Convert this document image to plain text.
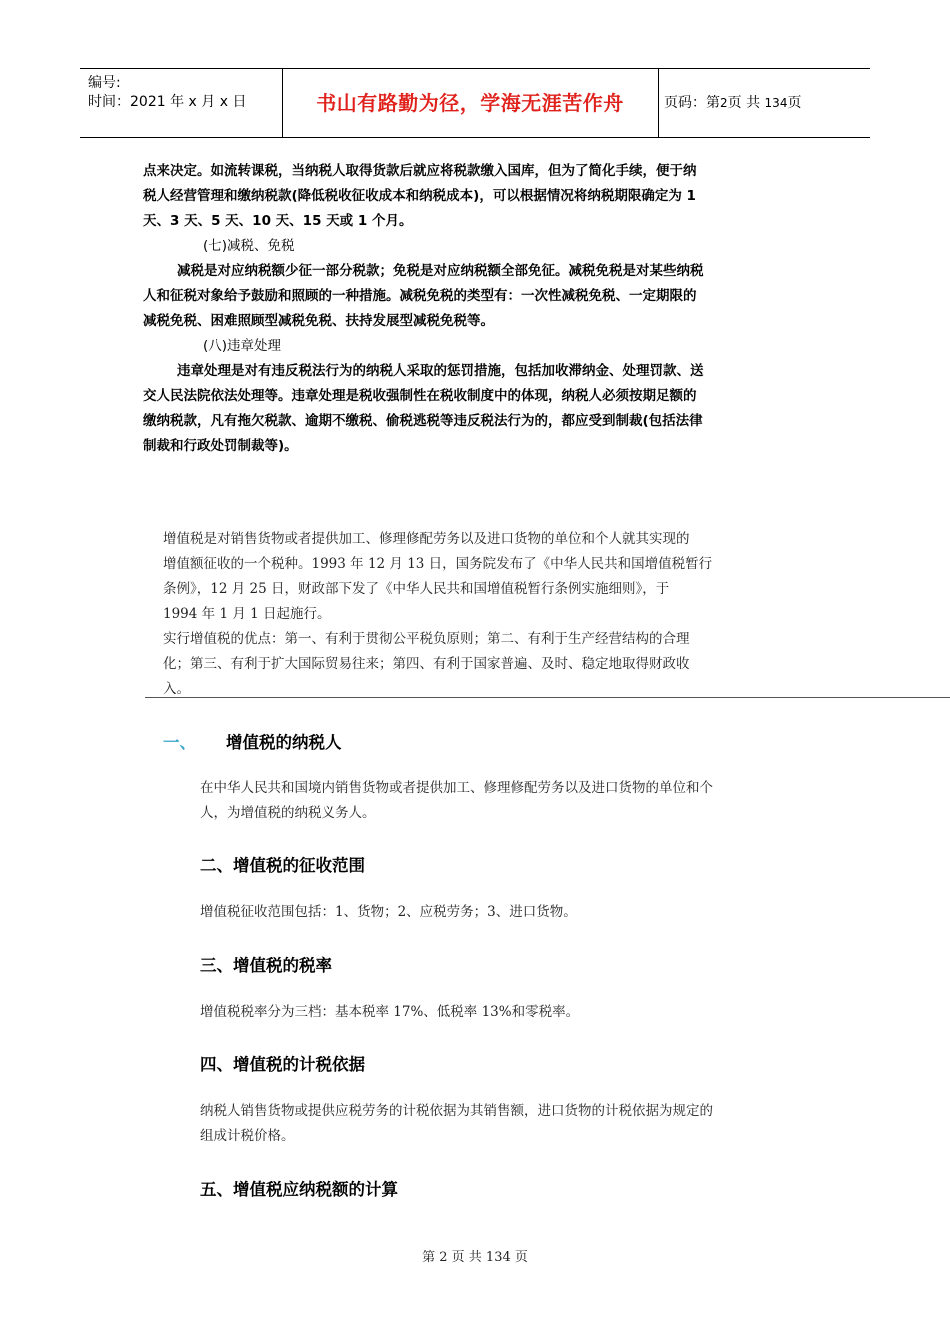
编号:
时间：2021 年 x 月 x 日	书山有路勤为径，学海无涯苦作舟	页码：第2页 共 134页
点来决定。如流转课税，当纳税人取得货款后就应将税款缴入国库，但为了简化手续，便于纳
税人经营管理和缴纳税款(降低税收征收成本和纳税成本)，可以根据情况将纳税期限确定为 1
天、3 天、5 天、10 天、15 天或 1 个月。
(七)减税、免税
减税是对应纳税额少征一部分税款；免税是对应纳税额全部免征。减税免税是对某些纳税
人和征税对象给予鼓励和照顾的一种措施。减税免税的类型有：一次性减税免税、一定期限的
减税免税、困难照顾型减税免税、扶持发展型减税免税等。
(八)违章处理
违章处理是对有违反税法行为的纳税人采取的惩罚措施，包括加收滞纳金、处理罚款、送
交人民法院依法处理等。违章处理是税收强制性在税收制度中的体现，纳税人必须按期足额的
缴纳税款，凡有拖欠税款、逾期不缴税、偷税逃税等违反税法行为的，都应受到制裁(包括法律
制裁和行政处罚制裁等)。
增值税是对销售货物或者提供加工、修理修配劳务以及进口货物的单位和个人就其实现的
增值额征收的一个税种。1993 年 12 月 13 日，国务院发布了《中华人民共和国增值税暂行
条例》，12 月 25 日，财政部下发了《中华人民共和国增值税暂行条例实施细则》，于
1994 年 1 月 1 日起施行。
实行增值税的优点：第一、有利于贯彻公平税负原则；第二、有利于生产经营结构的合理
化；第三、有利于扩大国际贸易往来；第四、有利于国家普遍、及时、稳定地取得财政收
入。
一、 增值税的纳税人
在中华人民共和国境内销售货物或者提供加工、修理修配劳务以及进口货物的单位和个
人，为增值税的纳税义务人。
二、增值税的征收范围
增值税征收范围包括：1、货物；2、应税劳务；3、进口货物。
三、增值税的税率
增值税税率分为三档：基本税率 17%、低税率 13%和零税率。
四、增值税的计税依据
纳税人销售货物或提供应税劳务的计税依据为其销售额，进口货物的计税依据为规定的
组成计税价格。
五、增值税应纳税额的计算
第 2 页 共 134 页
